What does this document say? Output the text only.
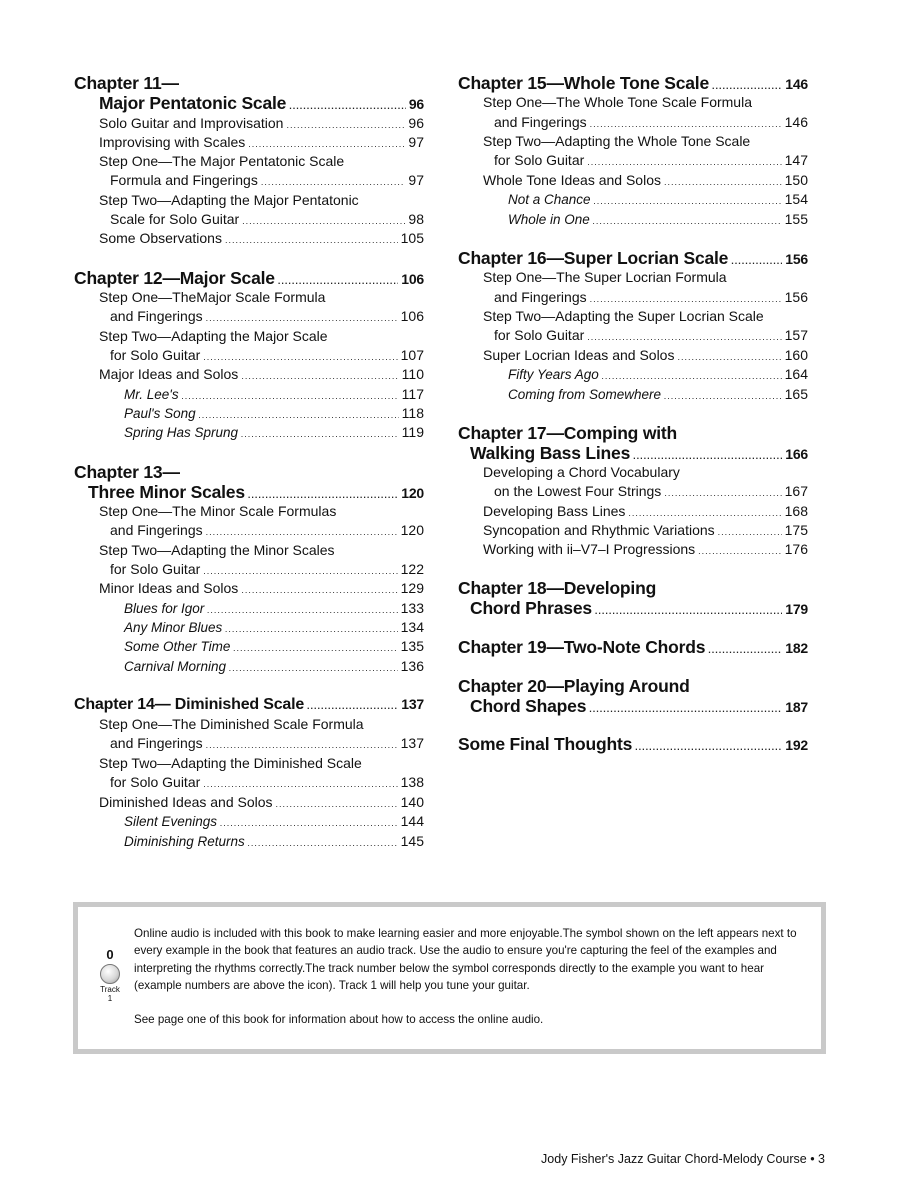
Chapter 11—
Major Pentatonic Scale .....	96
Solo Guitar and Improvisation .....	96
Improvising with Scales .....	97
Step One—The Major Pentatonic Scale
Formula and Fingerings .....	97
Step Two—Adapting the Major Pentatonic
Scale for Solo Guitar .....	98
Some Observations .....	105
Chapter 12—Major Scale .....	106
Step One—TheMajor Scale Formula
and Fingerings .....	106
Step Two—Adapting the Major Scale
for Solo Guitar .....	107
Major Ideas and Solos .....	110
Mr. Lee's .....	117
Paul's Song .....	118
Spring Has Sprung .....	119
Chapter 13—
Three Minor Scales .....	120
Step One—The Minor Scale Formulas
and Fingerings .....	120
Step Two—Adapting the Minor Scales
for Solo Guitar .....	122
Minor Ideas and Solos .....	129
Blues for Igor .....	133
Any Minor Blues .....	134
Some Other Time .....	135
Carnival Morning .....	136
Chapter 14— Diminished Scale .....	137
Step One—The Diminished Scale Formula
and Fingerings .....	137
Step Two—Adapting the Diminished Scale
for Solo Guitar .....	138
Diminished Ideas and Solos .....	140
Silent Evenings .....	144
Diminishing Returns .....	145
Chapter 15—Whole Tone Scale .....	146
Step One—The Whole Tone Scale Formula
and Fingerings .....	146
Step Two—Adapting the Whole Tone Scale
for Solo Guitar .....	147
Whole Tone Ideas and Solos .....	150
Not a Chance .....	154
Whole in One .....	155
Chapter 16—Super Locrian Scale .....	156
Step One—The Super Locrian Formula
and Fingerings .....	156
Step Two—Adapting the Super Locrian Scale
for Solo Guitar .....	157
Super Locrian Ideas and Solos .....	160
Fifty Years Ago .....	164
Coming from Somewhere .....	165
Chapter 17—Comping with
Walking Bass Lines .....	166
Developing a Chord Vocabulary
on the Lowest Four Strings .....	167
Developing Bass Lines .....	168
Syncopation and Rhythmic Variations .....	175
Working with ii–V7–I Progressions .....	176
Chapter 18—Developing
Chord Phrases .....	179
Chapter 19—Two-Note Chords .....	182
Chapter 20—Playing Around
Chord Shapes .....	187
Some Final Thoughts .....	192
0
Track
1

Online audio is included with this book to make learning easier and more enjoyable.The symbol shown on the left appears next to every example in the book that features an audio track. Use the audio to ensure you're capturing the feel of the examples and interpreting the rhythms correctly.The track number below the symbol corresponds directly to the example you want to hear (example numbers are above the icon). Track 1 will help you tune your guitar.

See page one of this book for information about how to access the online audio.

Jody Fisher's Jazz Guitar Chord-Melody Course • 3
